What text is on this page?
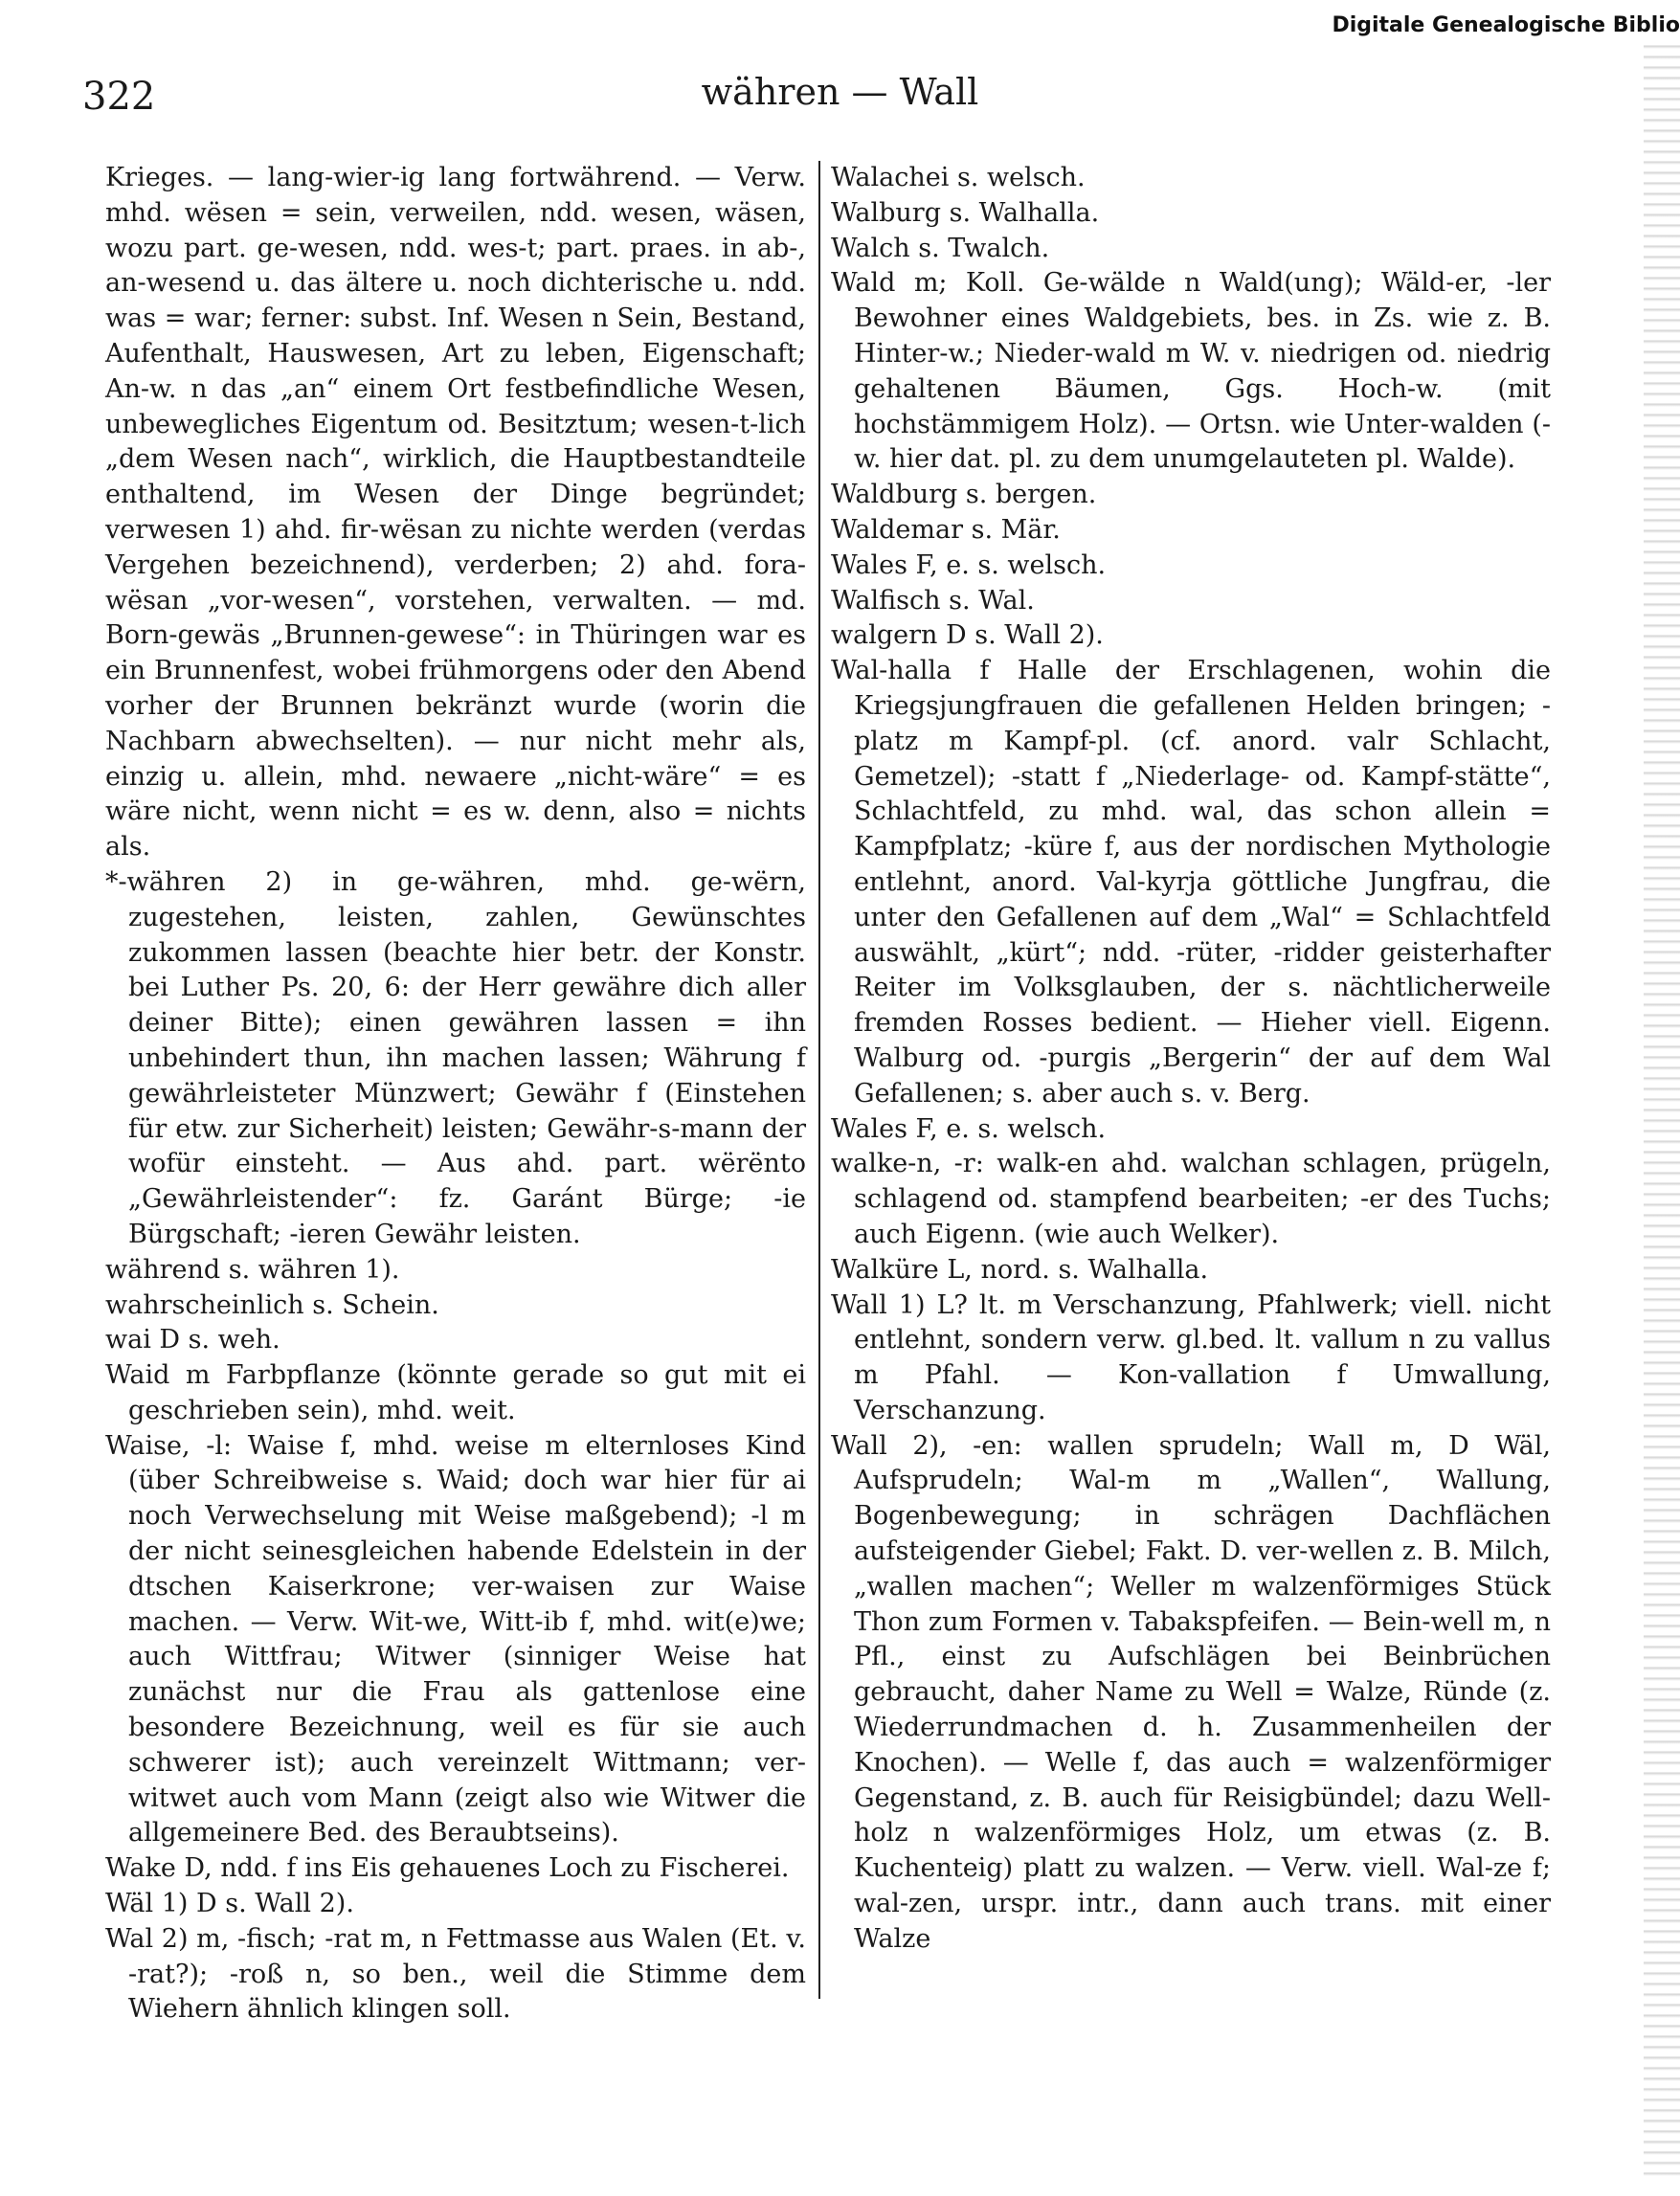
Digitale Genealogische Biblio
322	währen — Wall

Krieges. — lang-wier-ig lang fortwährend. — Verw. mhd. wësen = sein, verweilen, ndd. wesen, wäsen, wozu part. ge-wesen, ndd. wes-t; part. praes. in ab-, an-wesend u. das ältere u. noch dichterische u. ndd. was = war; ferner: subst. Inf. Wesen n Sein, Bestand, Aufenthalt, Hauswesen, Art zu leben, Eigenschaft; An-w. n das „an“ einem Ort festbefindliche Wesen, unbewegliches Eigentum od. Besitztum; wesen-t-lich „dem Wesen nach“, wirklich, die Hauptbestandteile enthaltend, im Wesen der Dinge begründet; verwesen 1) ahd. fir-wësan zu nichte werden (verdas Vergehen bezeichnend), verderben; 2) ahd. fora-wësan „vor-wesen“, vorstehen, verwalten. — md. Born-gewäs „Brunnen-gewese“: in Thüringen war es ein Brunnenfest, wobei frühmorgens oder den Abend vorher der Brunnen bekränzt wurde (worin die Nachbarn abwechselten). — nur nicht mehr als, einzig u. allein, mhd. newaere „nicht-wäre“ = es wäre nicht, wenn nicht = es w. denn, also = nichts als.

*-währen 2) in ge-währen, mhd. ge-wërn, zugestehen, leisten, zahlen, Gewünschtes zukommen lassen (beachte hier betr. der Konstr. bei Luther Ps. 20, 6: der Herr gewähre dich aller deiner Bitte); einen gewähren lassen = ihn unbehindert thun, ihn machen lassen; Währung f gewährleisteter Münzwert; Gewähr f (Einstehen für etw. zur Sicherheit) leisten; Gewähr-s-mann der wofür einsteht. — Aus ahd. part. wërënto „Gewährleistender“: fz. Garánt Bürge; -ie Bürgschaft; -ieren Gewähr leisten.

während s. währen 1).

wahrscheinlich s. Schein.

wai D s. weh.

Waid m Farbpflanze (könnte gerade so gut mit ei geschrieben sein), mhd. weit.

Waise, -l: Waise f, mhd. weise m elternloses Kind (über Schreibweise s. Waid; doch war hier für ai noch Verwechselung mit Weise maßgebend); -l m der nicht seinesgleichen habende Edelstein in der dtschen Kaiserkrone; ver-waisen zur Waise machen. — Verw. Wit-we, Witt-ib f, mhd. wit(e)we; auch Wittfrau; Witwer (sinniger Weise hat zunächst nur die Frau als gattenlose eine besondere Bezeichnung, weil es für sie auch schwerer ist); auch vereinzelt Wittmann; ver-witwet auch vom Mann (zeigt also wie Witwer die allgemeinere Bed. des Beraubtseins).

Wake D, ndd. f ins Eis gehauenes Loch zu Fischerei.

Wäl 1) D s. Wall 2).

Wal 2) m, -fisch; -rat m, n Fettmasse aus Walen (Et. v. -rat?); -roß n, so ben., weil die Stimme dem Wiehern ähnlich klingen soll.

Walachei s. welsch.

Walburg s. Walhalla.

Walch s. Twalch.

Wald m; Koll. Ge-wälde n Wald(ung); Wäld-er, -ler Bewohner eines Waldgebiets, bes. in Zs. wie z. B. Hinter-w.; Nieder-wald m W. v. niedrigen od. niedrig gehaltenen Bäumen, Ggs. Hoch-w. (mit hochstämmigem Holz). — Ortsn. wie Unter-walden (-w. hier dat. pl. zu dem unumgelauteten pl. Walde).

Waldburg s. bergen.

Waldemar s. Mär.

Wales F, e. s. welsch.

Walfisch s. Wal.

walgern D s. Wall 2).

Wal-halla f Halle der Erschlagenen, wohin die Kriegsjungfrauen die gefallenen Helden bringen; -platz m Kampf-pl. (cf. anord. valr Schlacht, Gemetzel); -statt f „Niederlage- od. Kampf-stätte“, Schlachtfeld, zu mhd. wal, das schon allein = Kampfplatz; -küre f, aus der nordischen Mythologie entlehnt, anord. Val-kyrja göttliche Jungfrau, die unter den Gefallenen auf dem „Wal“ = Schlachtfeld auswählt, „kürt“; ndd. -rüter, -ridder geisterhafter Reiter im Volksglauben, der s. nächtlicherweile fremden Rosses bedient. — Hieher viell. Eigenn. Walburg od. -purgis „Bergerin“ der auf dem Wal Gefallenen; s. aber auch s. v. Berg.

Wales F, e. s. welsch.

walke-n, -r: walk-en ahd. walchan schlagen, prügeln, schlagend od. stampfend bearbeiten; -er des Tuchs; auch Eigenn. (wie auch Welker).

Walküre L, nord. s. Walhalla.

Wall 1) L? lt. m Verschanzung, Pfahlwerk; viell. nicht entlehnt, sondern verw. gl.bed. lt. vallum n zu vallus m Pfahl. — Kon-vallation f Umwallung, Verschanzung.

Wall 2), -en: wallen sprudeln; Wall m, D Wäl, Aufsprudeln; Wal-m m „Wallen“, Wallung, Bogenbewegung; in schrägen Dachflächen aufsteigender Giebel; Fakt. D. ver-wellen z. B. Milch, „wallen machen“; Weller m walzenförmiges Stück Thon zum Formen v. Tabakspfeifen. — Bein-well m, n Pfl., einst zu Aufschlägen bei Beinbrüchen gebraucht, daher Name zu Well = Walze, Ründe (z. Wiederrundmachen d. h. Zusammenheilen der Knochen). — Welle f, das auch = walzenförmiger Gegenstand, z. B. auch für Reisigbündel; dazu Well-holz n walzenförmiges Holz, um etwas (z. B. Kuchenteig) platt zu walzen. — Verw. viell. Wal-ze f; wal-zen, urspr. intr., dann auch trans. mit einer Walze
